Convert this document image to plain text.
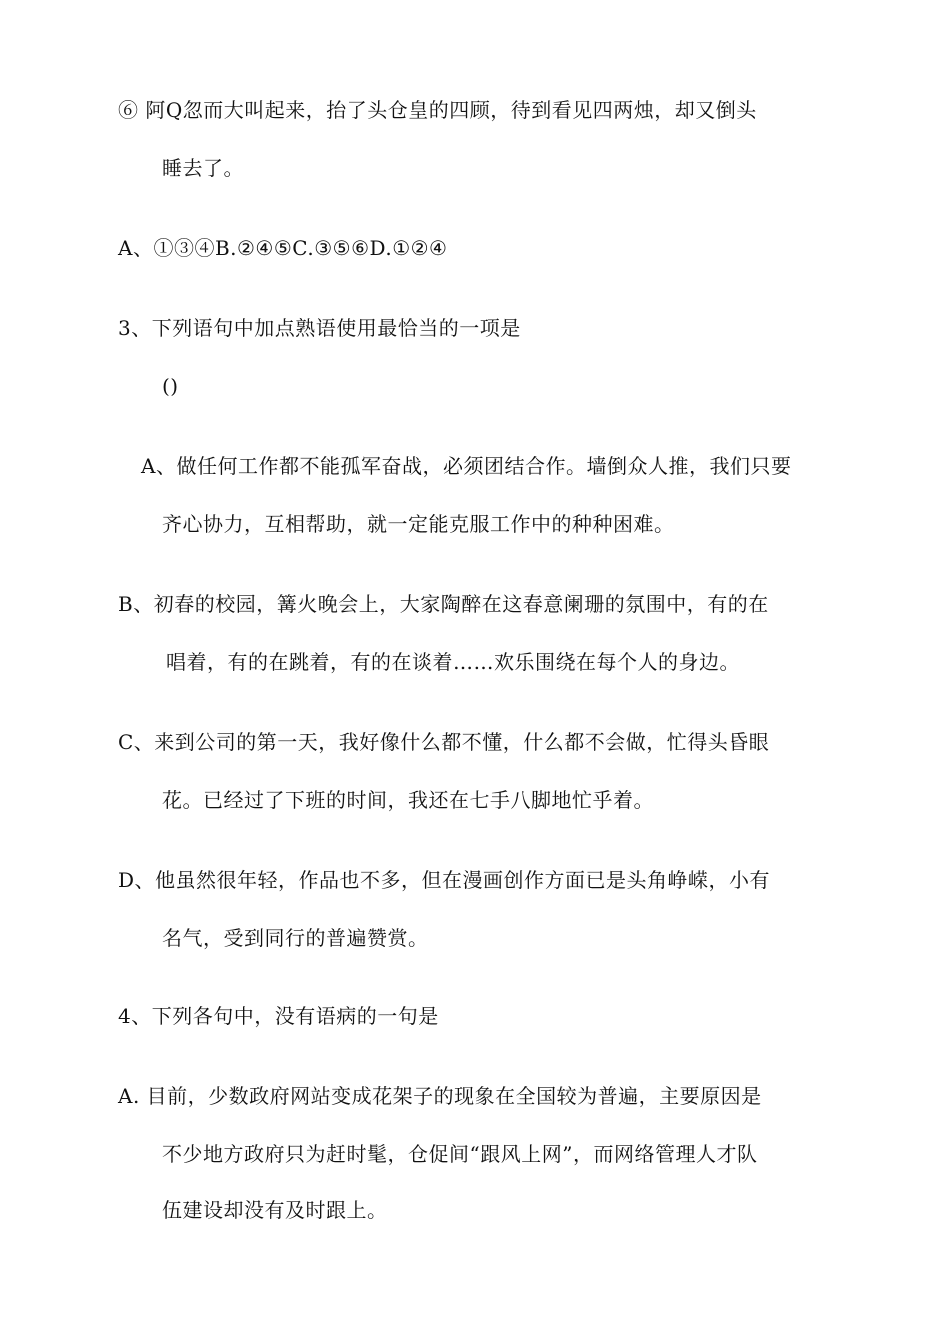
⑥ 阿Q忽而大叫起来，抬了头仓皇的四顾，待到看见四两烛，却又倒头
睡去了。
A、①③④B.②④⑤C.③⑤⑥D.①②④
3、下列语句中加点熟语使用最恰当的一项是
()
A、做任何工作都不能孤军奋战，必须团结合作。墙倒众人推，我们只要
齐心协力，互相帮助，就一定能克服工作中的种种困难。
B、初春的校园，篝火晚会上，大家陶醉在这春意阑珊的氛围中，有的在
唱着，有的在跳着，有的在谈着……欢乐围绕在每个人的身边。
C、来到公司的第一天，我好像什么都不懂，什么都不会做，忙得头昏眼
花。已经过了下班的时间，我还在七手八脚地忙乎着。
D、他虽然很年轻，作品也不多，但在漫画创作方面已是头角峥嵘，小有
名气，受到同行的普遍赞赏。
4、下列各句中，没有语病的一句是
A. 目前，少数政府网站变成花架子的现象在全国较为普遍，主要原因是
不少地方政府只为赶时髦，仓促间“跟风上网”，而网络管理人才队
伍建设却没有及时跟上。
